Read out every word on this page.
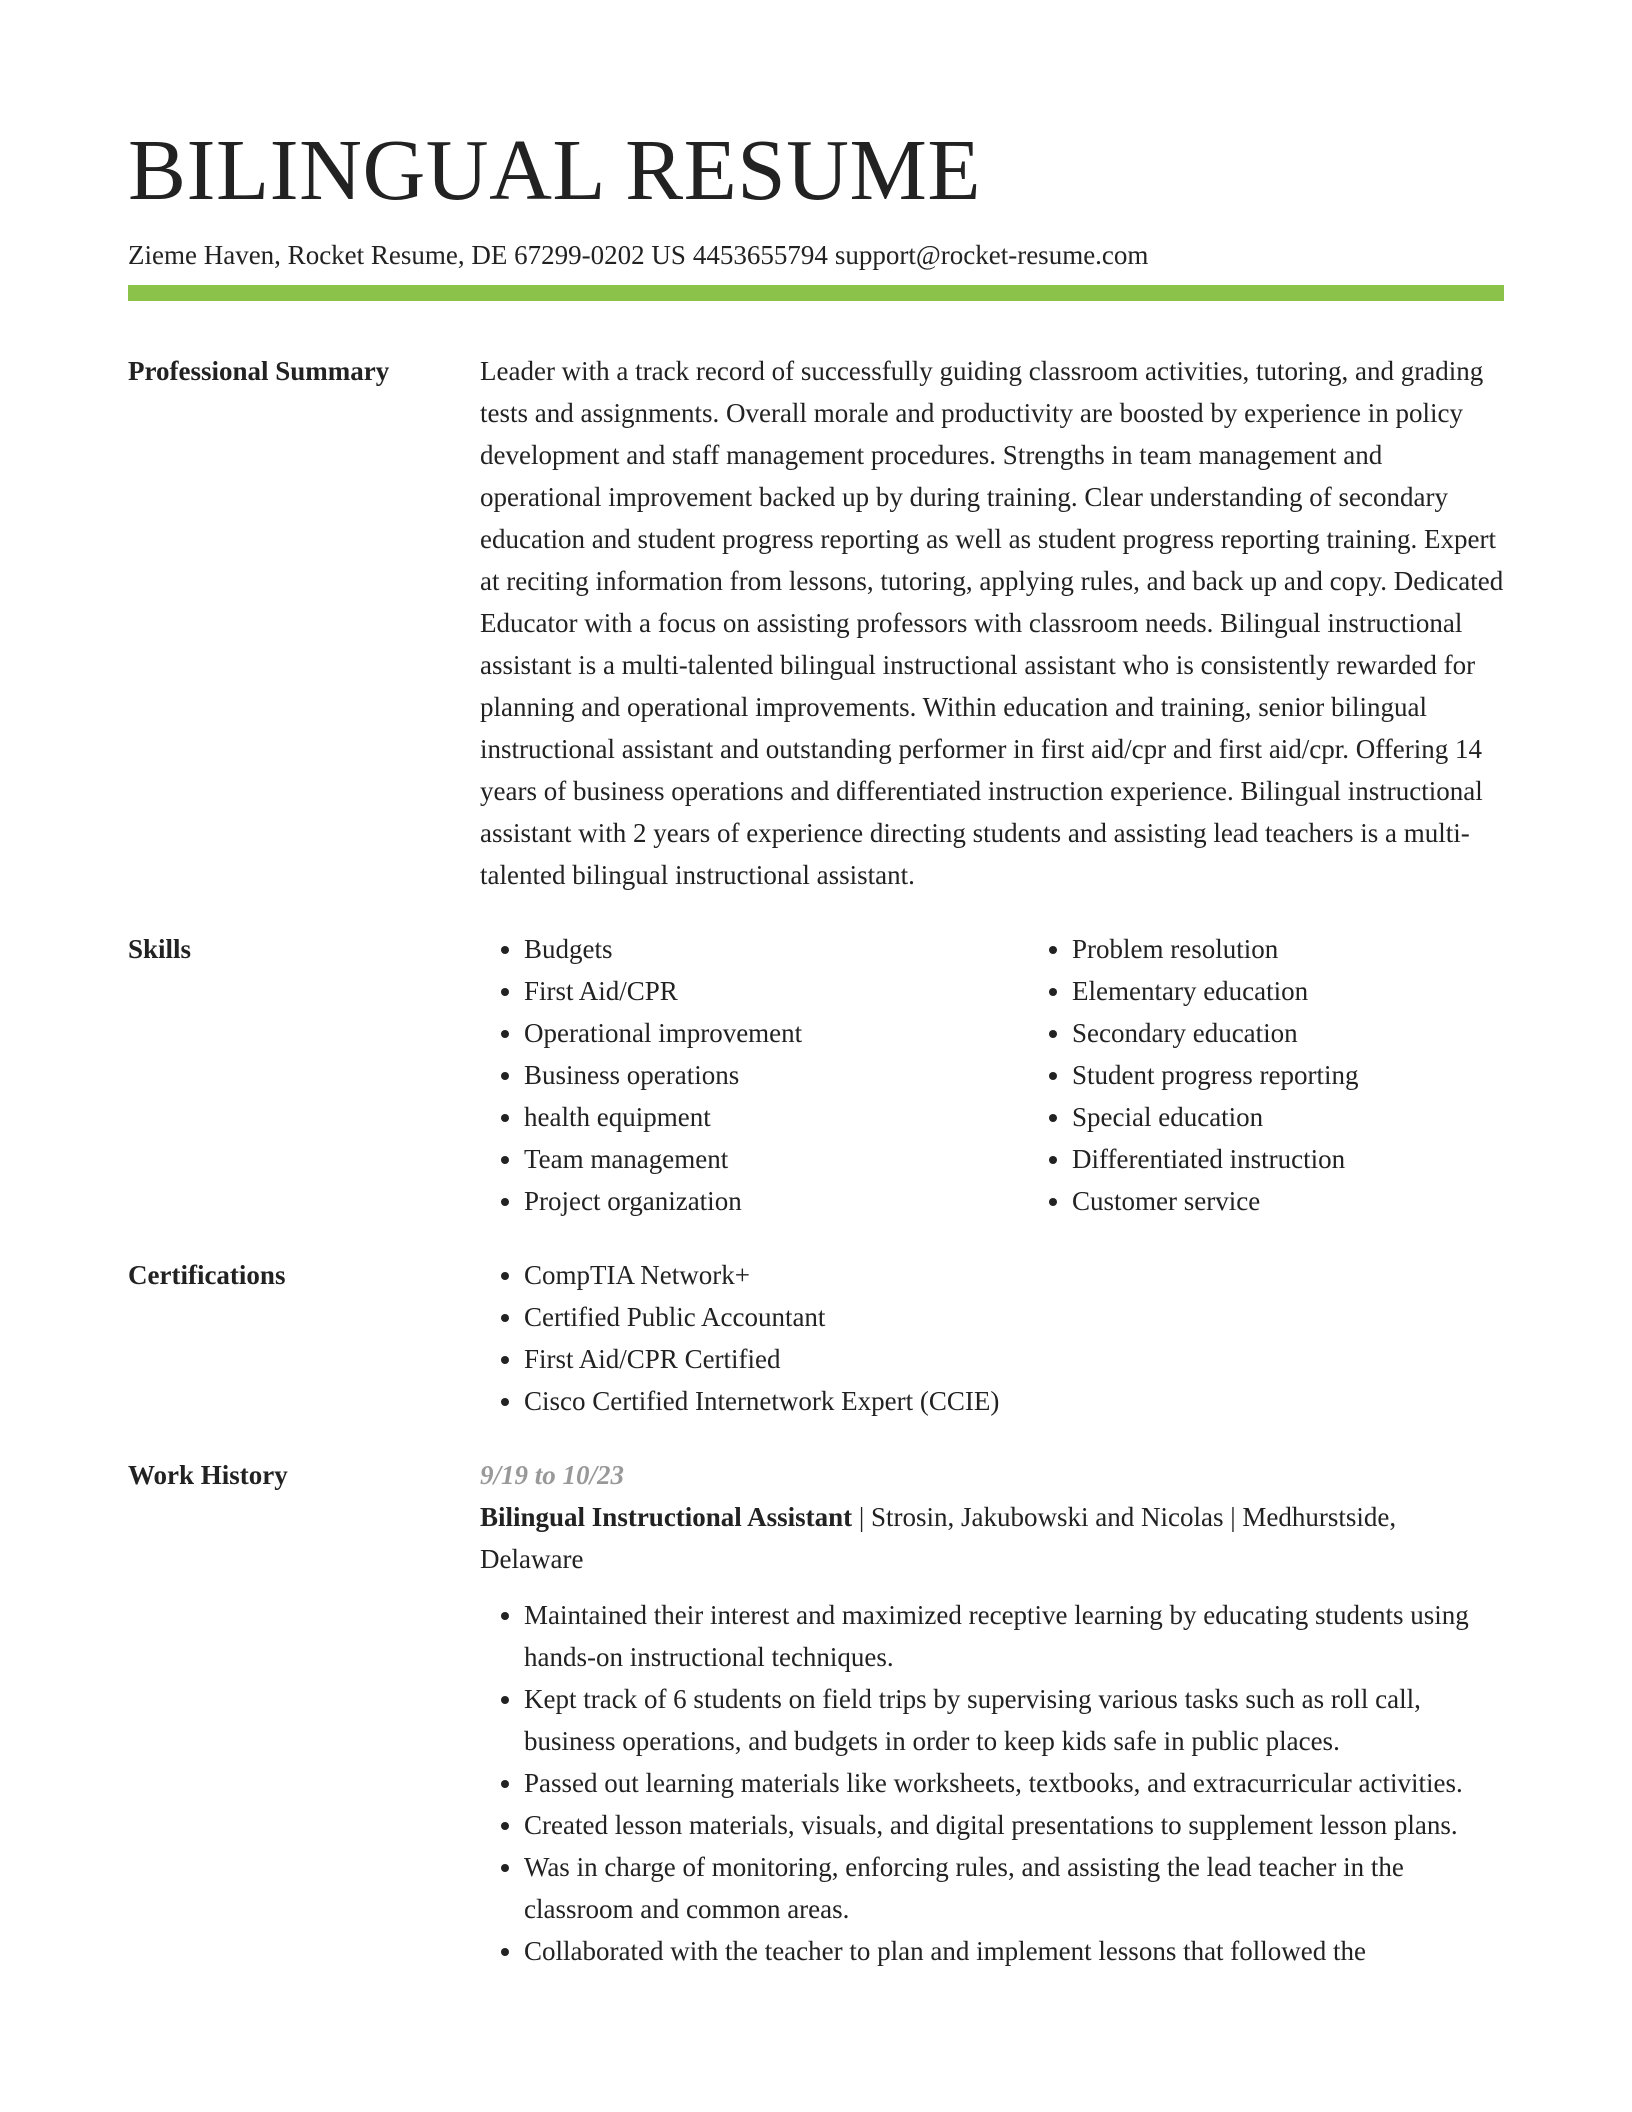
BILINGUAL RESUME
Zieme Haven, Rocket Resume, DE 67299-0202 US 4453655794 support@rocket-resume.com
Professional Summary	Leader with a track record of successfully guiding classroom activities, tutoring, and grading tests and assignments. Overall morale and productivity are boosted by experience in policy development and staff management procedures. Strengths in team management and operational improvement backed up by during training. Clear understanding of secondary education and student progress reporting as well as student progress reporting training. Expert at reciting information from lessons, tutoring, applying rules, and back up and copy. Dedicated Educator with a focus on assisting professors with classroom needs. Bilingual instructional assistant is a multi-talented bilingual instructional assistant who is consistently rewarded for planning and operational improvements. Within education and training, senior bilingual instructional assistant and outstanding performer in first aid/cpr and first aid/cpr. Offering 14 years of business operations and differentiated instruction experience. Bilingual instructional assistant with 2 years of experience directing students and assisting lead teachers is a multi-talented bilingual instructional assistant.

Skills	• Budgets
• First Aid/CPR
• Operational improvement
• Business operations
• health equipment
• Team management
• Project organization
• Problem resolution
• Elementary education
• Secondary education
• Student progress reporting
• Special education
• Differentiated instruction
• Customer service
Certifications	• CompTIA Network+
• Certified Public Accountant
• First Aid/CPR Certified
• Cisco Certified Internetwork Expert (CCIE)
Work History	9/19 to 10/23
Bilingual Instructional Assistant | Strosin, Jakubowski and Nicolas | Medhurstside, Delaware
• Maintained their interest and maximized receptive learning by educating students using hands-on instructional techniques.
• Kept track of 6 students on field trips by supervising various tasks such as roll call, business operations, and budgets in order to keep kids safe in public places.
• Passed out learning materials like worksheets, textbooks, and extracurricular activities.
• Created lesson materials, visuals, and digital presentations to supplement lesson plans.
• Was in charge of monitoring, enforcing rules, and assisting the lead teacher in the classroom and common areas.
• Collaborated with the teacher to plan and implement lessons that followed the
